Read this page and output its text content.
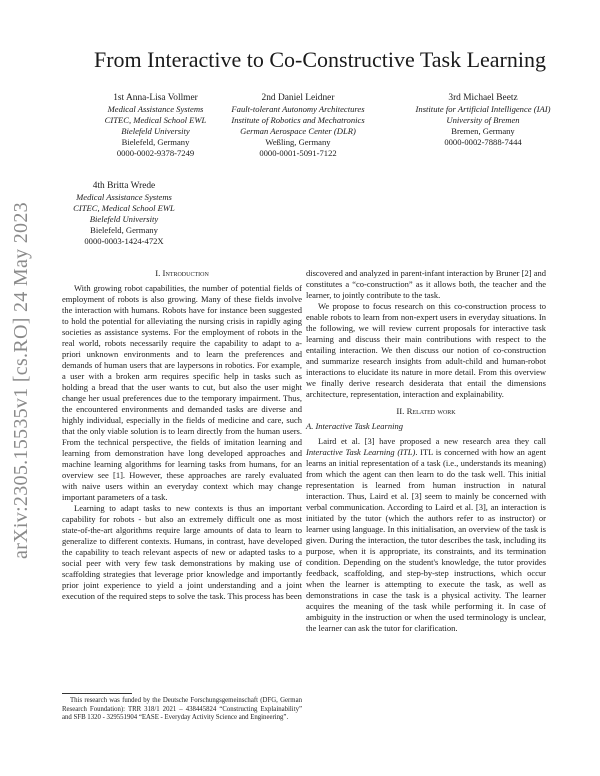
arXiv:2305.15535v1 [cs.RO] 24 May 2023
From Interactive to Co-Constructive Task Learning
1st Anna-Lisa Vollmer
Medical Assistance Systems
CITEC, Medical School EWL
Bielefeld University
Bielefeld, Germany
0000-0002-9378-7249
2nd Daniel Leidner
Fault-tolerant Autonomy Architectures
Institute of Robotics and Mechatronics
German Aerospace Center (DLR)
Weßling, Germany
0000-0001-5091-7122
3rd Michael Beetz
Institute for Artificial Intelligence (IAI)
University of Bremen
Bremen, Germany
0000-0002-7888-7444
4th Britta Wrede
Medical Assistance Systems
CITEC, Medical School EWL
Bielefeld University
Bielefeld, Germany
0000-0003-1424-472X
I. Introduction

With growing robot capabilities, the number of potential fields of employment of robots is also growing. Many of these fields involve the interaction with humans. Robots have for instance been suggested to hold the potential for alleviating the nursing crisis in rapidly aging societies as assistance systems. For the employment of robots in the real world, robots necessarily require the capability to adapt to a-priori unknown environments and to learn the preferences and demands of human users that are laypersons in robotics. For example, a user with a broken arm requires specific help in tasks such as holding a bread that the user wants to cut, but also the user might change her usual preferences due to the temporary impairment. Thus, the encountered environments and demanded tasks are diverse and highly individual, especially in the fields of medicine and care, such that the only viable solution is to learn directly from the human users. From the technical perspective, the fields of imitation learning and learning from demonstration have long developed approaches and machine learning algorithms for learning tasks from humans, for an overview see [1]. However, these approaches are rarely evaluated with naive users within an everyday context which may change important parameters of a task.

Learning to adapt tasks to new contexts is thus an important capability for robots - but also an extremely difficult one as most state-of-the-art algorithms require large amounts of data to learn to generalize to different contexts. Humans, in contrast, have developed the capability to teach relevant aspects of new or adapted tasks to a social peer with very few task demonstrations by making use of scaffolding strategies that leverage prior knowledge and importantly prior joint experience to yield a joint understanding and a joint execution of the required steps to solve the task. This process has been

This research was funded by the Deutsche Forschungsgemeinschaft (DFG, German Research Foundation): TRR 318/1 2021 – 438445824 “Constructing Explainability” and SFB 1320 - 329551904 “EASE - Everyday Activity Science and Engineering”.

discovered and analyzed in parent-infant interaction by Bruner [2] and constitutes a “co-construction” as it allows both, the teacher and the learner, to jointly contribute to the task.

We propose to focus research on this co-construction process to enable robots to learn from non-expert users in everyday situations. In the following, we will review current proposals for interactive task learning and discuss their main contributions with respect to the entailing interaction. We then discuss our notion of co-construction and summarize research insights from adult-child and human-robot interactions to elucidate its nature in more detail. From this overview we finally derive research desiderata that entail the dimensions architecture, representation, interaction and explainability.

II. Related work
A. Interactive Task Learning

Laird et al. [3] have proposed a new research area they call Interactive Task Learning (ITL). ITL is concerned with how an agent learns an initial representation of a task (i.e., understands its meaning) from which the agent can then learn to do the task well. This initial representation is learned from human instruction in natural interaction. Thus, Laird et al. [3] seem to mainly be concerned with verbal communication. According to Laird et al. [3], an interaction is initiated by the tutor (which the authors refer to as instructor) or learner using language. In this initialisation, an overview of the task is given. During the interaction, the tutor describes the task, including its purpose, when it is appropriate, its constraints, and its termination condition. Depending on the student's knowledge, the tutor provides feedback, scaffolding, and step-by-step instructions, which occur when the learner is attempting to execute the task, as well as demonstrations in case the task is a physical activity. The learner acquires the meaning of the task while performing it. In case of ambiguity in the instruction or when the used terminology is unclear, the learner can ask the tutor for clarification.
